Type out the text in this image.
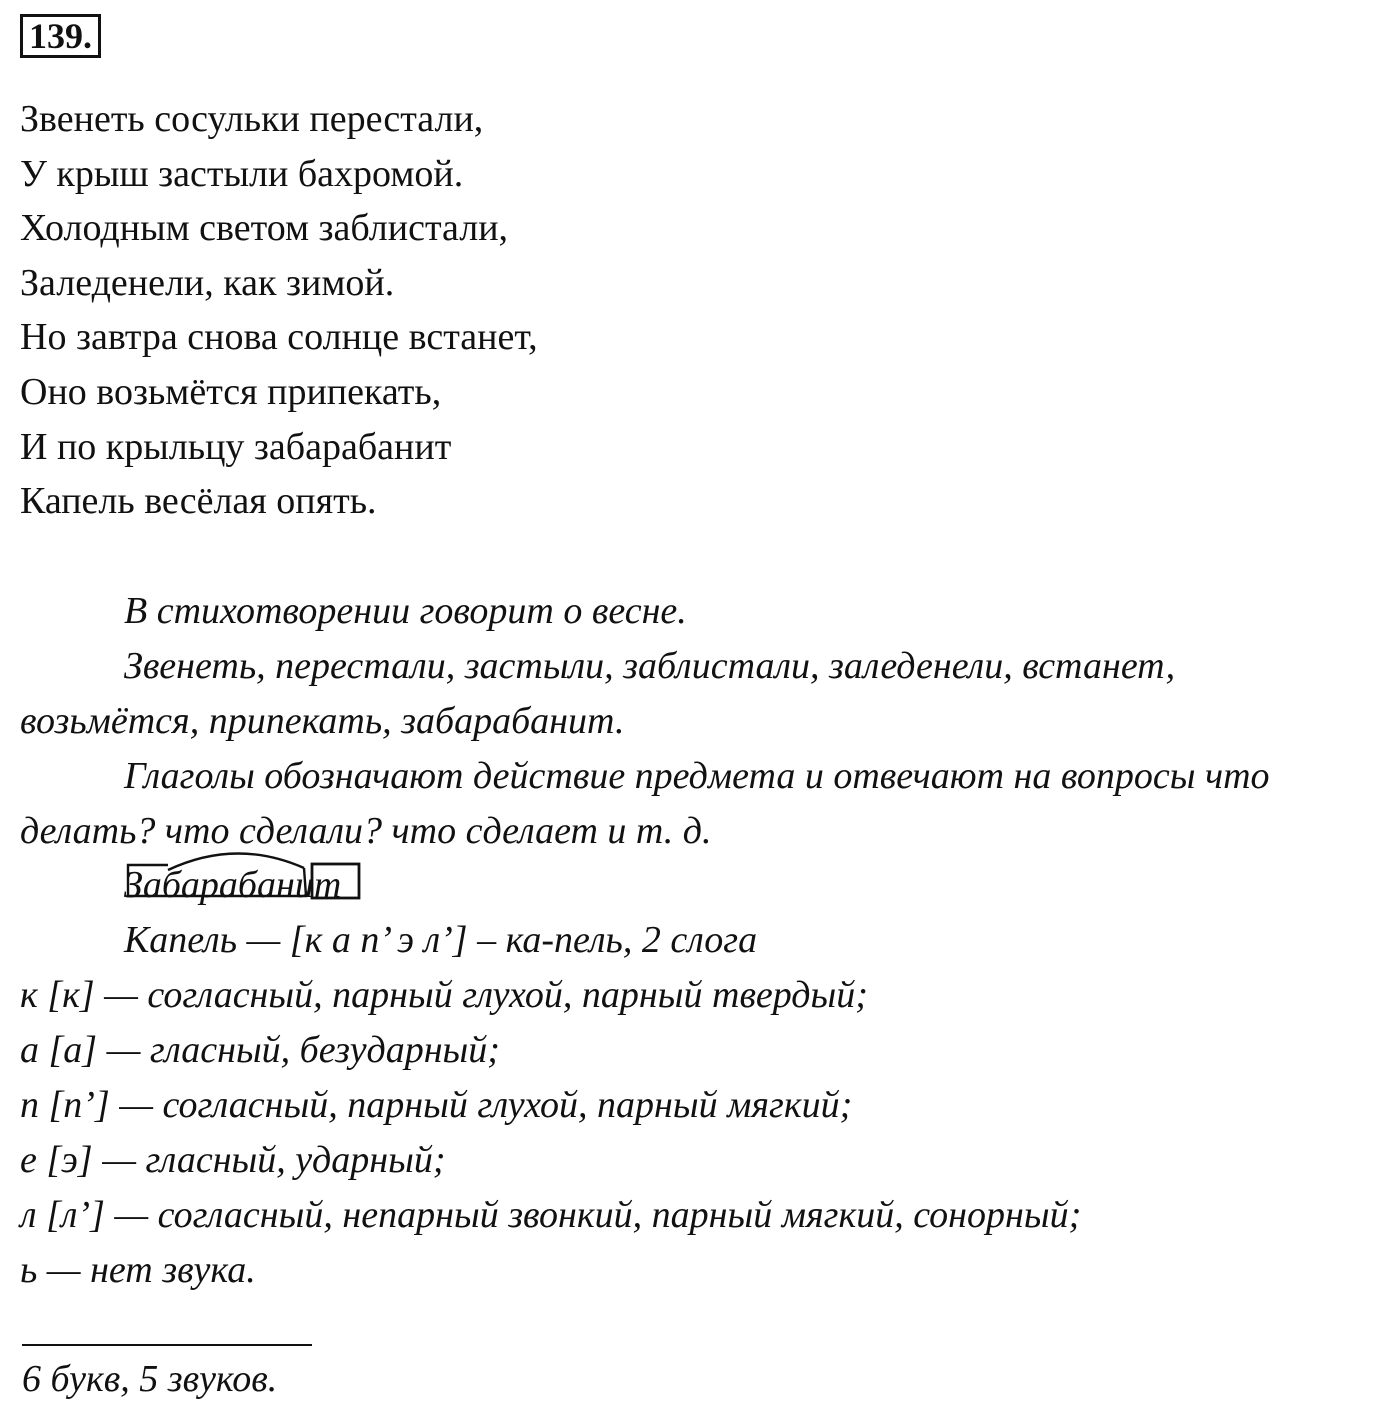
139.
Звенеть сосульки перестали,
У крыш застыли бахромой.
Холодным светом заблистали,
Заледенели, как зимой.
Но завтра снова солнце встанет,
Оно возьмётся припекать,
И по крыльцу забарабанит
Капель весёлая опять.
В стихотворении говорит о весне.
Звенеть, перестали, застыли, заблистали, заледенели, встанет,
возьмётся, припекать, забарабанит.
Глаголы обозначают действие предмета и отвечают на вопросы что
делать? что сделали? что сделает и т. д.
Забарабанит
Капель — [к а п’ э л’] – ка-пель, 2 слога
к [к] — согласный, парный глухой, парный твердый;
а [а] — гласный, безударный;
п [п’] — согласный, парный глухой, парный мягкий;
е [э] — гласный, ударный;
л [л’] — согласный, непарный звонкий, парный мягкий, сонорный;
ь — нет звука.
6 букв, 5 звуков.
